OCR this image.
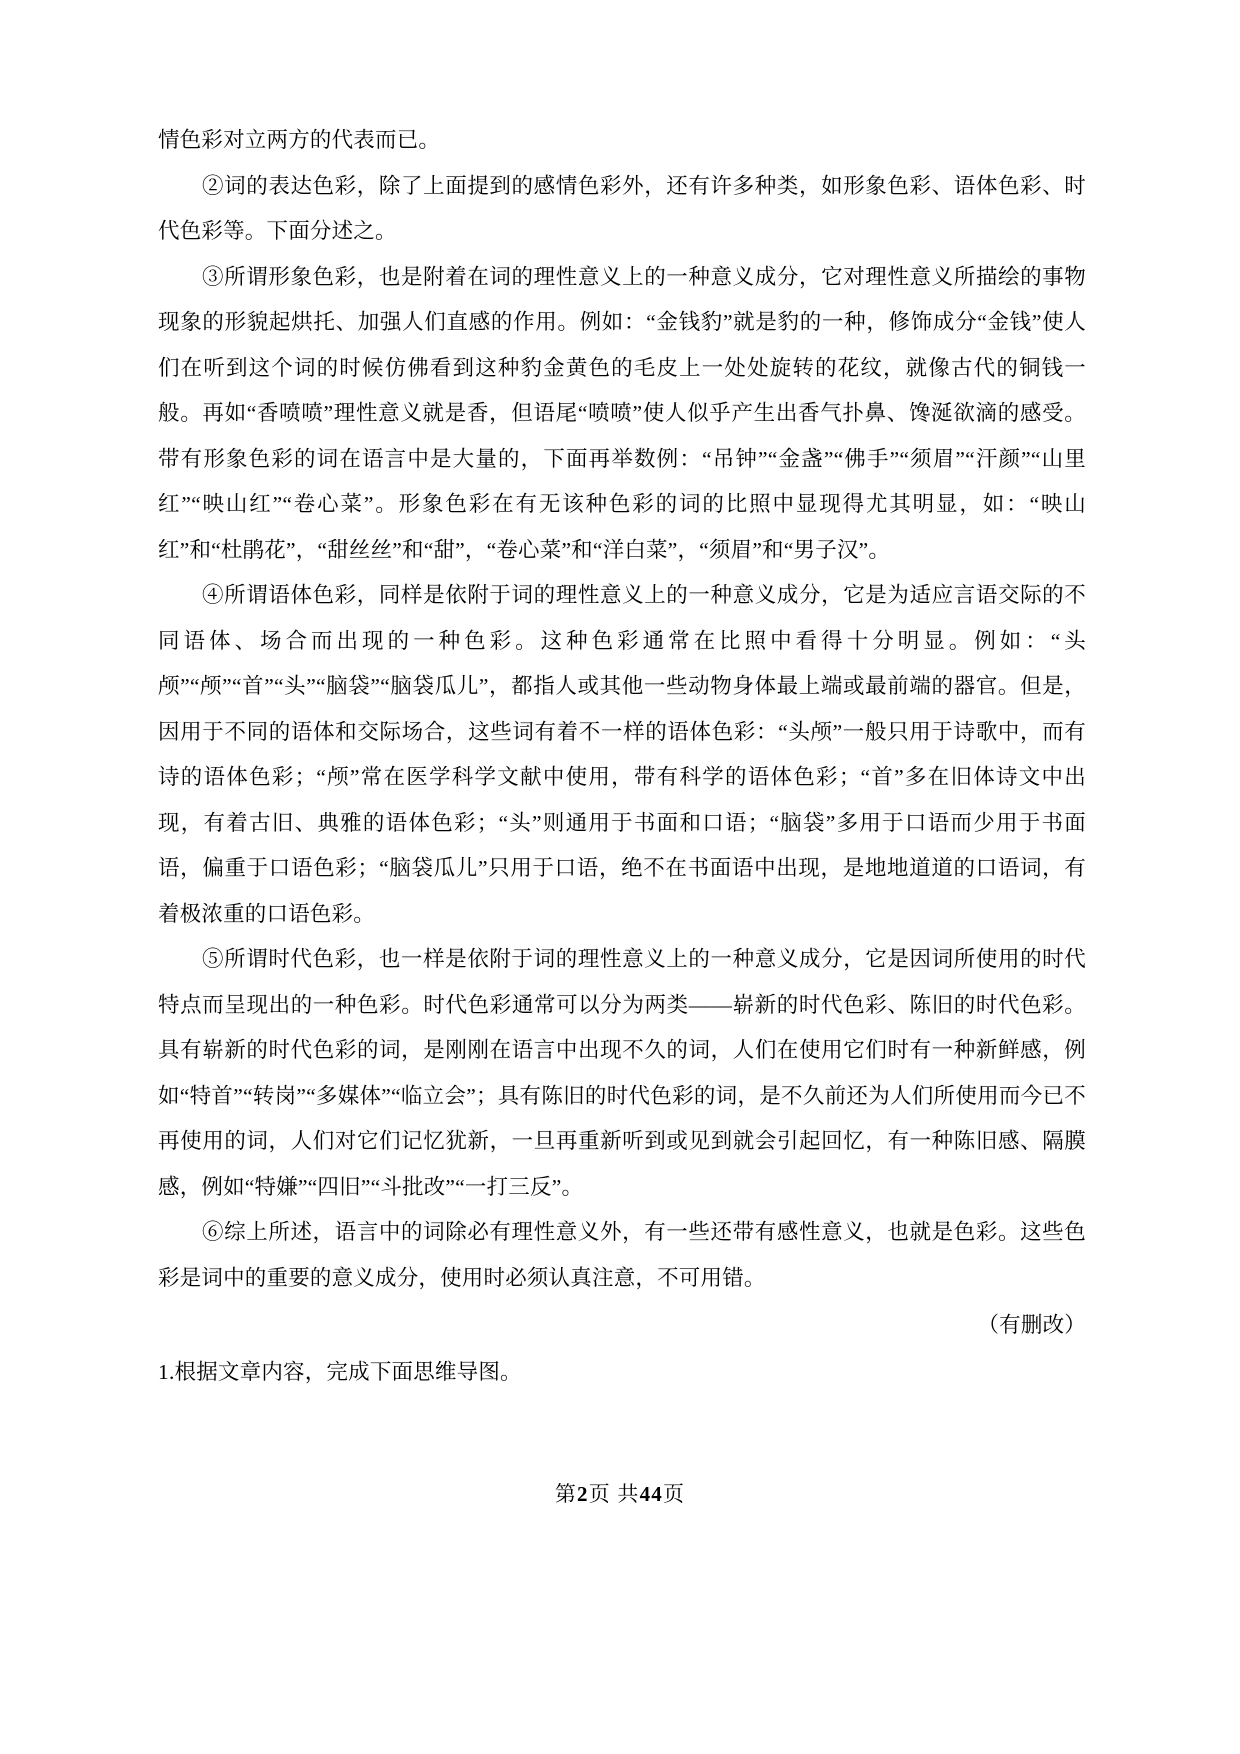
情色彩对立两方的代表而已。

②词的表达色彩，除了上面提到的感情色彩外，还有许多种类，如形象色彩、语体色彩、时代色彩等。下面分述之。

③所谓形象色彩，也是附着在词的理性意义上的一种意义成分，它对理性意义所描绘的事物现象的形貌起烘托、加强人们直感的作用。例如：“金钱豹”就是豹的一种，修饰成分“金钱”使人们在听到这个词的时候仿佛看到这种豹金黄色的毛皮上一处处旋转的花纹，就像古代的铜钱一般。再如“香喷喷”理性意义就是香，但语尾“喷喷”使人似乎产生出香气扑鼻、馋涎欲滴的感受。带有形象色彩的词在语言中是大量的，下面再举数例：“吊钟”“金盏”“佛手”“须眉”“汗颜”“山里红”“映山红”“卷心菜”。形象色彩在有无该种色彩的词的比照中显现得尤其明显，如：“映山红”和“杜鹃花”，“甜丝丝”和“甜”，“卷心菜”和“洋白菜”，“须眉”和“男子汉”。

④所谓语体色彩，同样是依附于词的理性意义上的一种意义成分，它是为适应言语交际的不同语体、场合而出现的一种色彩。这种色彩通常在比照中看得十分明显。例如：“头颅”“颅”“首”“头”“脑袋”“脑袋瓜儿”，都指人或其他一些动物身体最上端或最前端的器官。但是，因用于不同的语体和交际场合，这些词有着不一样的语体色彩：“头颅”一般只用于诗歌中，而有诗的语体色彩；“颅”常在医学科学文献中使用，带有科学的语体色彩；“首”多在旧体诗文中出现，有着古旧、典雅的语体色彩；“头”则通用于书面和口语；“脑袋”多用于口语而少用于书面语，偏重于口语色彩；“脑袋瓜儿”只用于口语，绝不在书面语中出现，是地地道道的口语词，有着极浓重的口语色彩。

⑤所谓时代色彩，也一样是依附于词的理性意义上的一种意义成分，它是因词所使用的时代特点而呈现出的一种色彩。时代色彩通常可以分为两类——崭新的时代色彩、陈旧的时代色彩。具有崭新的时代色彩的词，是刚刚在语言中出现不久的词，人们在使用它们时有一种新鲜感，例如“特首”“转岗”“多媒体”“临立会”；具有陈旧的时代色彩的词，是不久前还为人们所使用而今已不再使用的词，人们对它们记忆犹新，一旦再重新听到或见到就会引起回忆，有一种陈旧感、隔膜感，例如“特嫌”“四旧”“斗批改”“一打三反”。

⑥综上所述，语言中的词除必有理性意义外，有一些还带有感性意义，也就是色彩。这些色彩是词中的重要的意义成分，使用时必须认真注意，不可用错。

（有删改）

1.根据文章内容，完成下面思维导图。

第2页 共44页
